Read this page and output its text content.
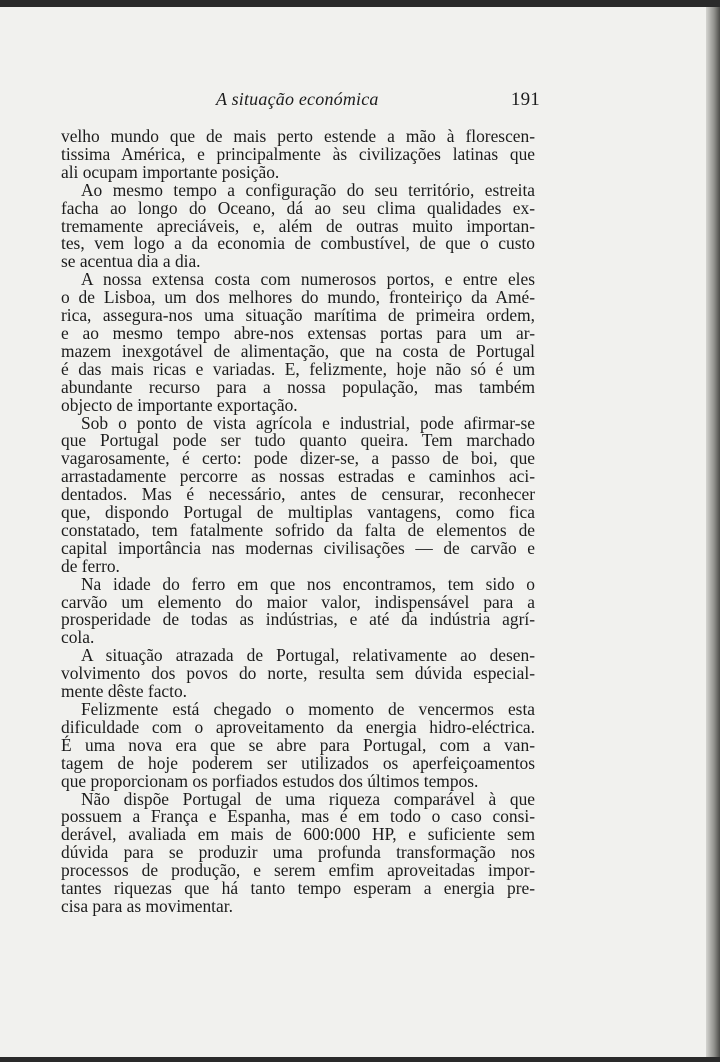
A situação económica	191

velho mundo que de mais perto estende a mão à florescen-
tissima América, e principalmente às civilizações latinas que
ali ocupam importante posição.

Ao mesmo tempo a configuração do seu território, estreita
facha ao longo do Oceano, dá ao seu clima qualidades ex-
tremamente apreciáveis, e, além de outras muito importan-
tes, vem logo a da economia de combustível, de que o custo
se acentua dia a dia.

A nossa extensa costa com numerosos portos, e entre eles
o de Lisboa, um dos melhores do mundo, fronteiriço da Amé-
rica, assegura-nos uma situação marítima de primeira ordem,
e ao mesmo tempo abre-nos extensas portas para um ar-
mazem inexgotável de alimentação, que na costa de Portugal
é das mais ricas e variadas. E, felizmente, hoje não só é um
abundante recurso para a nossa população, mas também
objecto de importante exportação.

Sob o ponto de vista agrícola e industrial, pode afirmar-se
que Portugal pode ser tudo quanto queira. Tem marchado
vagarosamente, é certo: pode dizer-se, a passo de boi, que
arrastadamente percorre as nossas estradas e caminhos aci-
dentados. Mas é necessário, antes de censurar, reconhecer
que, dispondo Portugal de multiplas vantagens, como fica
constatado, tem fatalmente sofrido da falta de elementos de
capital importância nas modernas civilisações — de carvão e
de ferro.

Na idade do ferro em que nos encontramos, tem sido o
carvão um elemento do maior valor, indispensável para a
prosperidade de todas as indústrias, e até da indústria agrí-
cola.

A situação atrazada de Portugal, relativamente ao desen-
volvimento dos povos do norte, resulta sem dúvida especial-
mente dêste facto.

Felizmente está chegado o momento de vencermos esta
dificuldade com o aproveitamento da energia hidro-eléctrica.
É uma nova era que se abre para Portugal, com a van-
tagem de hoje poderem ser utilizados os aperfeiçoamentos
que proporcionam os porfiados estudos dos últimos tempos.

Não dispõe Portugal de uma riqueza comparável à que
possuem a França e Espanha, mas é em todo o caso consi-
derável, avaliada em mais de 600:000 HP, e suficiente sem
dúvida para se produzir uma profunda transformação nos
processos de produção, e serem emfim aproveitadas impor-
tantes riquezas que há tanto tempo esperam a energia pre-
cisa para as movimentar.
